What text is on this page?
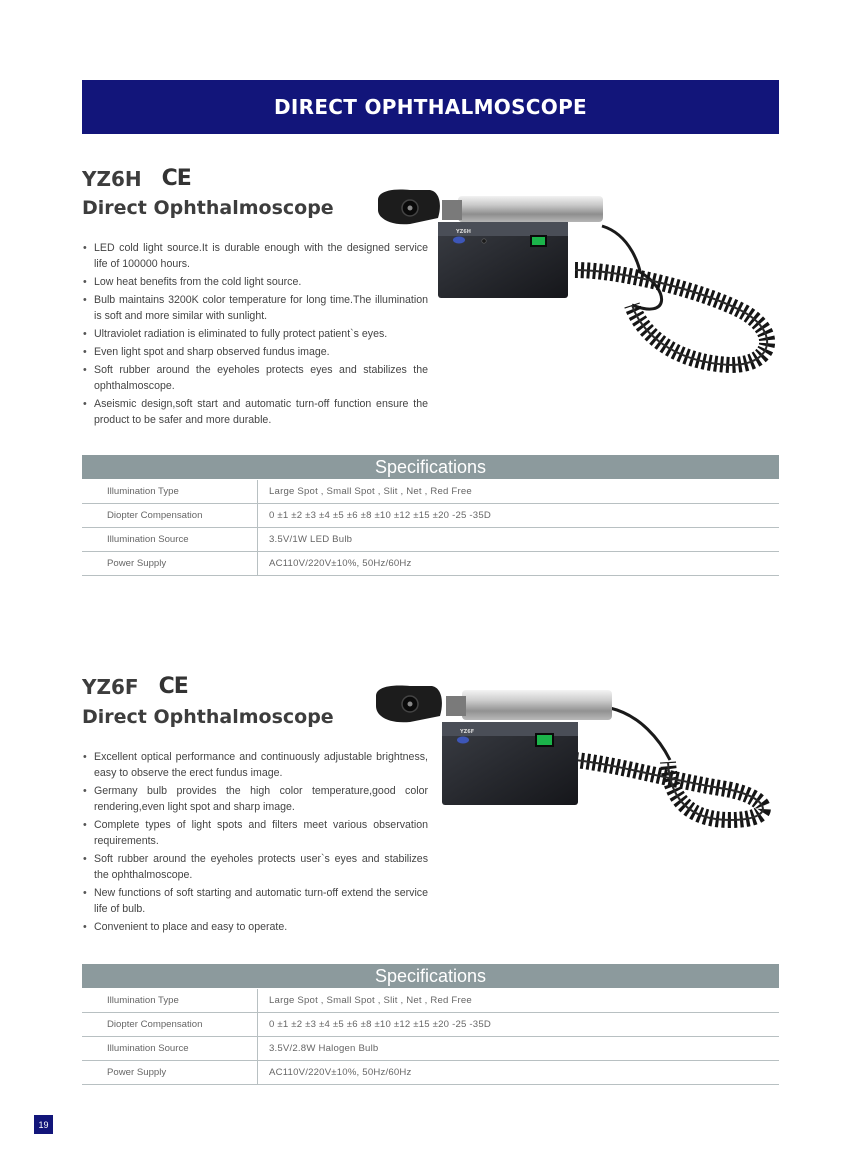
DIRECT OPHTHALMOSCOPE
YZ6H CE
Direct Ophthalmoscope
• LED cold light source.It is durable enough with the designed service life of 100000 hours.
• Low heat benefits from the cold light source.
• Bulb maintains 3200K color temperature for long time.The illumination is soft and more similar with sunlight.
• Ultraviolet radiation is eliminated to fully protect patient`s eyes.
• Even light spot and sharp observed fundus image.
• Soft rubber around the eyeholes protects eyes and stabilizes the ophthalmoscope.
• Aseismic design,soft start and automatic turn-off function ensure the product to be safer and more durable.
YZ6H
Specifications
Illumination Type	Large Spot , Small Spot , Slit , Net , Red Free
Diopter Compensation	0 ±1 ±2 ±3 ±4 ±5 ±6 ±8 ±10 ±12 ±15 ±20 -25 -35D
Illumination Source	3.5V/1W LED Bulb
Power Supply	AC110V/220V±10%, 50Hz/60Hz
YZ6F CE
Direct Ophthalmoscope
• Excellent optical performance and continuously adjustable brightness, easy to observe the erect fundus image.
• Germany bulb provides the high color temperature,good color rendering,even light spot and sharp image.
• Complete types of light spots and filters meet various observation requirements.
• Soft rubber around the eyeholes protects user`s eyes and stabilizes the ophthalmoscope.
• New functions of soft starting and automatic turn-off extend the service life of bulb.
• Convenient to place and easy to operate.
YZ6F
Specifications
Illumination Type	Large Spot , Small Spot , Slit , Net , Red Free
Diopter Compensation	0 ±1 ±2 ±3 ±4 ±5 ±6 ±8 ±10 ±12 ±15 ±20 -25 -35D
Illumination Source	3.5V/2.8W Halogen Bulb
Power Supply	AC110V/220V±10%, 50Hz/60Hz
19
